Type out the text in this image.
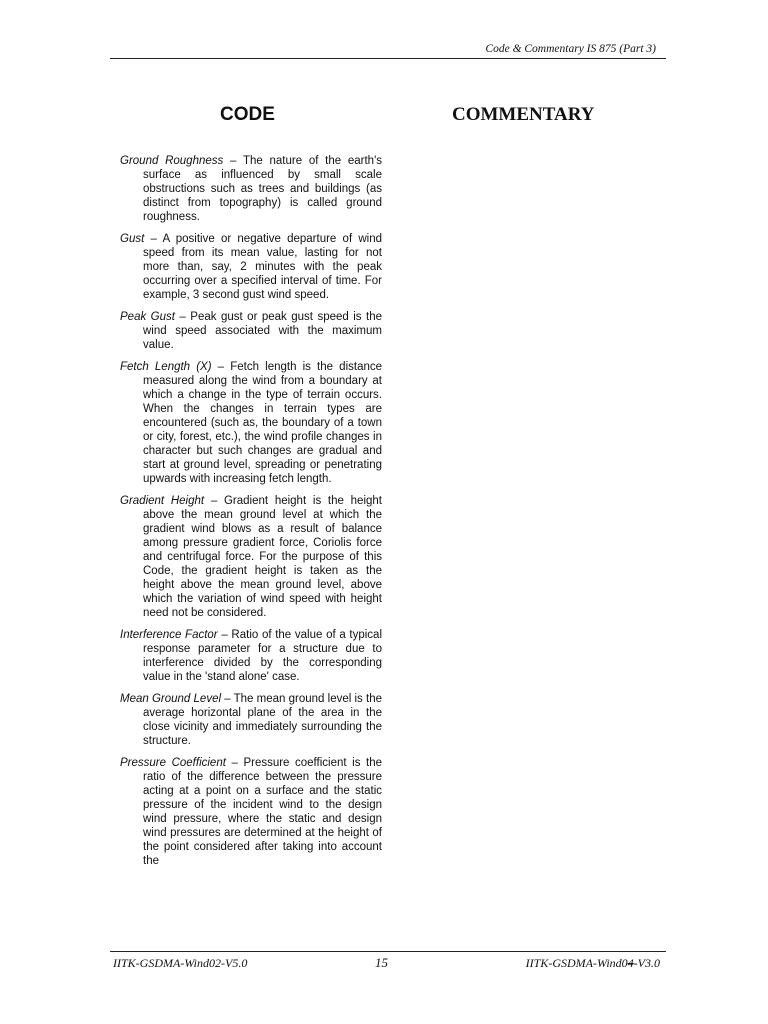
Code & Commentary IS 875 (Part 3)
CODE	COMMENTARY

Ground Roughness – The nature of the earth's surface as influenced by small scale obstructions such as trees and buildings (as distinct from topography) is called ground roughness.

Gust – A positive or negative departure of wind speed from its mean value, lasting for not more than, say, 2 minutes with the peak occurring over a specified interval of time. For example, 3 second gust wind speed.

Peak Gust – Peak gust or peak gust speed is the wind speed associated with the maximum value.

Fetch Length (X) – Fetch length is the distance measured along the wind from a boundary at which a change in the type of terrain occurs. When the changes in terrain types are encountered (such as, the boundary of a town or city, forest, etc.), the wind profile changes in character but such changes are gradual and start at ground level, spreading or penetrating upwards with increasing fetch length.

Gradient Height – Gradient height is the height above the mean ground level at which the gradient wind blows as a result of balance among pressure gradient force, Coriolis force and centrifugal force. For the purpose of this Code, the gradient height is taken as the height above the mean ground level, above which the variation of wind speed with height need not be considered.

Interference Factor – Ratio of the value of a typical response parameter for a structure due to interference divided by the corresponding value in the 'stand alone' case.

Mean Ground Level – The mean ground level is the average horizontal plane of the area in the close vicinity and immediately surrounding the structure.

Pressure Coefficient – Pressure coefficient is the ratio of the difference between the pressure acting at a point on a surface and the static pressure of the incident wind to the design wind pressure, where the static and design wind pressures are determined at the height of the point considered after taking into account the

IITK-GSDMA-Wind02-V5.0	15	IITK-GSDMA-Wind04-V3.0
